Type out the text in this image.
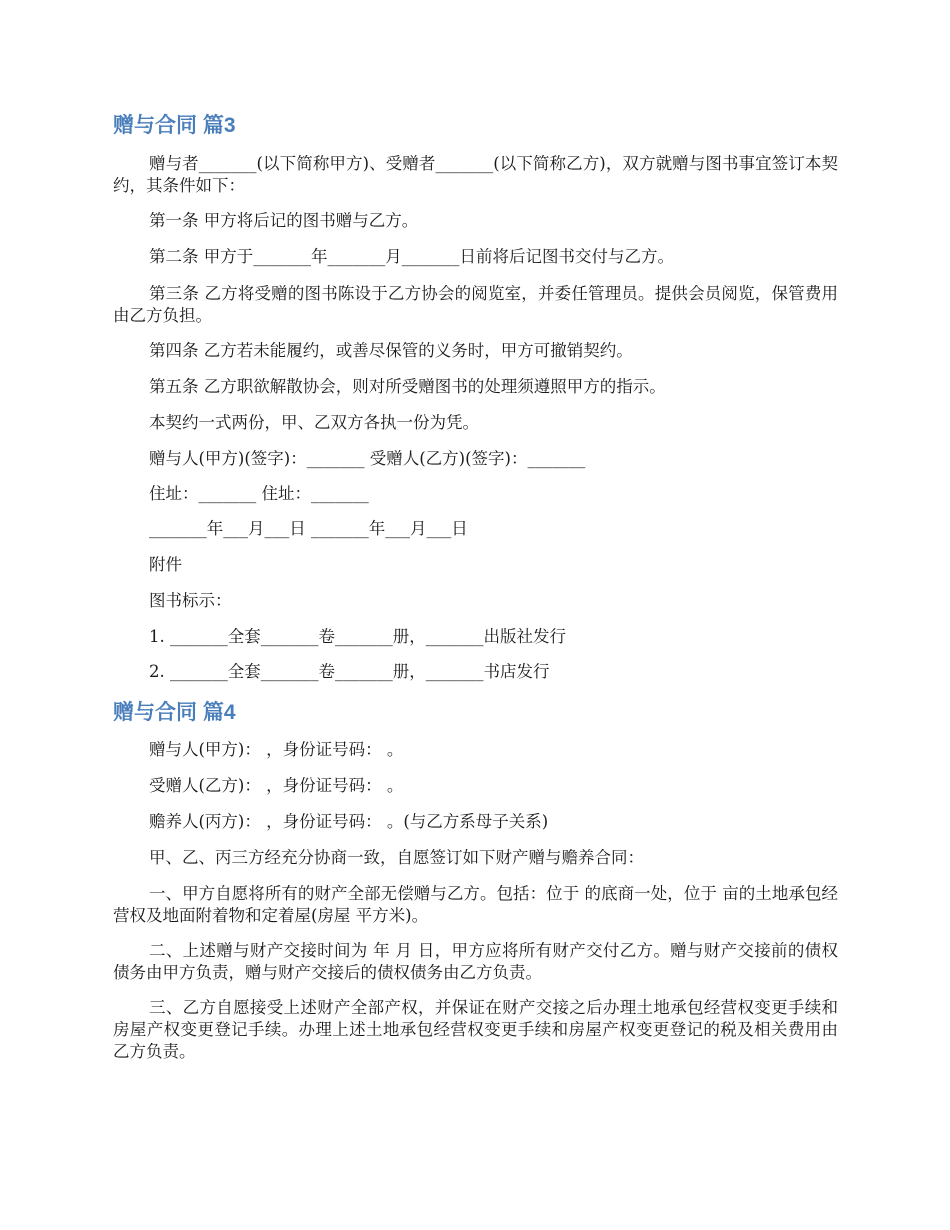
赠与合同 篇3
赠与者_______(以下简称甲方)、受赠者_______(以下简称乙方)，双方就赠与图书事宜签订本契约，其条件如下：
第一条 甲方将后记的图书赠与乙方。
第二条 甲方于_______年_______月_______日前将后记图书交付与乙方。
第三条 乙方将受赠的图书陈设于乙方协会的阅览室，并委任管理员。提供会员阅览，保管费用由乙方负担。
第四条 乙方若未能履约，或善尽保管的义务时，甲方可撤销契约。
第五条 乙方职欲解散协会，则对所受赠图书的处理须遵照甲方的指示。
本契约一式两份，甲、乙双方各执一份为凭。
赠与人(甲方)(签字)：_______ 受赠人(乙方)(签字)：_______
住址：_______ 住址：_______
_______年___月___日 _______年___月___日
附件
图书标示：
1. _______全套_______卷_______册，_______出版社发行
2. _______全套_______卷_______册，_______书店发行
赠与合同 篇4
赠与人(甲方)： ，身份证号码： 。
受赠人(乙方)： ，身份证号码： 。
赡养人(丙方)： ，身份证号码： 。(与乙方系母子关系)
甲、乙、丙三方经充分协商一致，自愿签订如下财产赠与赡养合同：
一、甲方自愿将所有的财产全部无偿赠与乙方。包括：位于 的底商一处，位于 亩的土地承包经营权及地面附着物和定着屋(房屋 平方米)。
二、上述赠与财产交接时间为 年 月 日，甲方应将所有财产交付乙方。赠与财产交接前的债权债务由甲方负责，赠与财产交接后的债权债务由乙方负责。
三、乙方自愿接受上述财产全部产权，并保证在财产交接之后办理土地承包经营权变更手续和房屋产权变更登记手续。办理上述土地承包经营权变更手续和房屋产权变更登记的税及相关费用由乙方负责。
